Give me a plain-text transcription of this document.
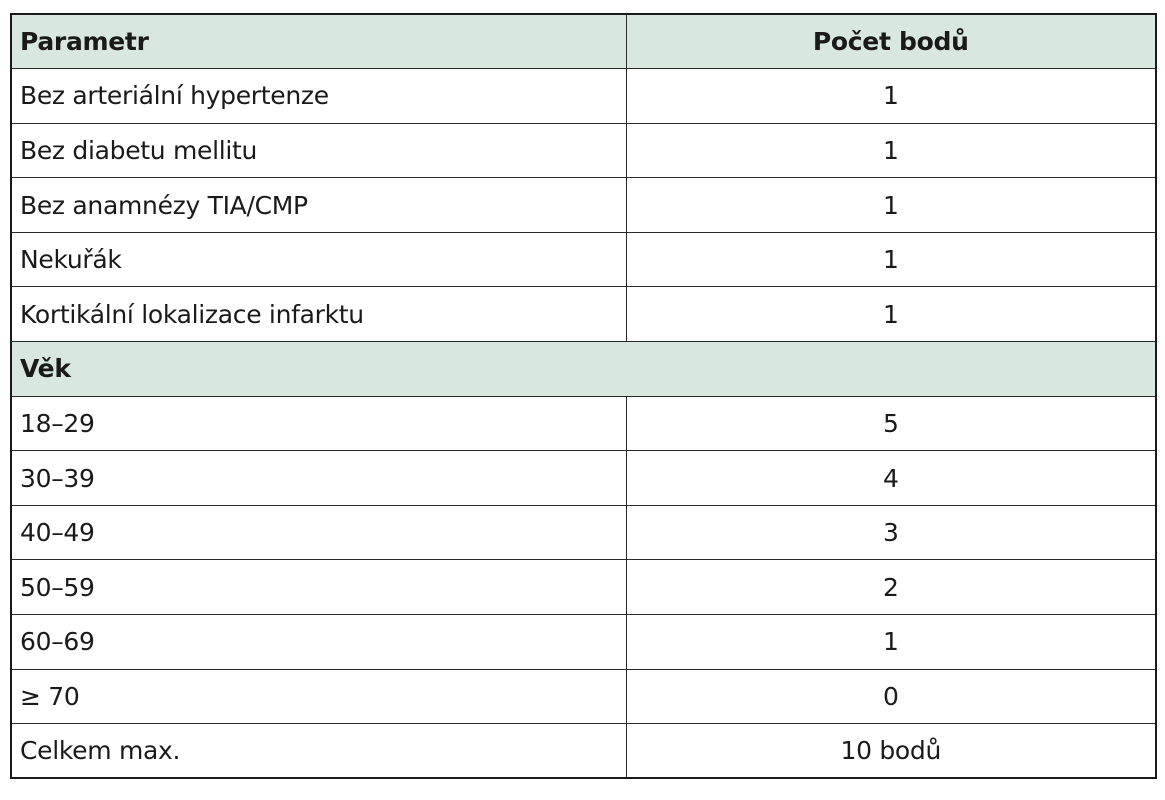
Parametr	Počet bodů
Bez arteriální hypertenze	1
Bez diabetu mellitu	1
Bez anamnézy TIA/CMP	1
Nekuřák	1
Kortikální lokalizace infarktu	1
Věk	
18–29	5
30–39	4
40–49	3
50–59	2
60–69	1
≥ 70	0
Celkem max.	10 bodů
